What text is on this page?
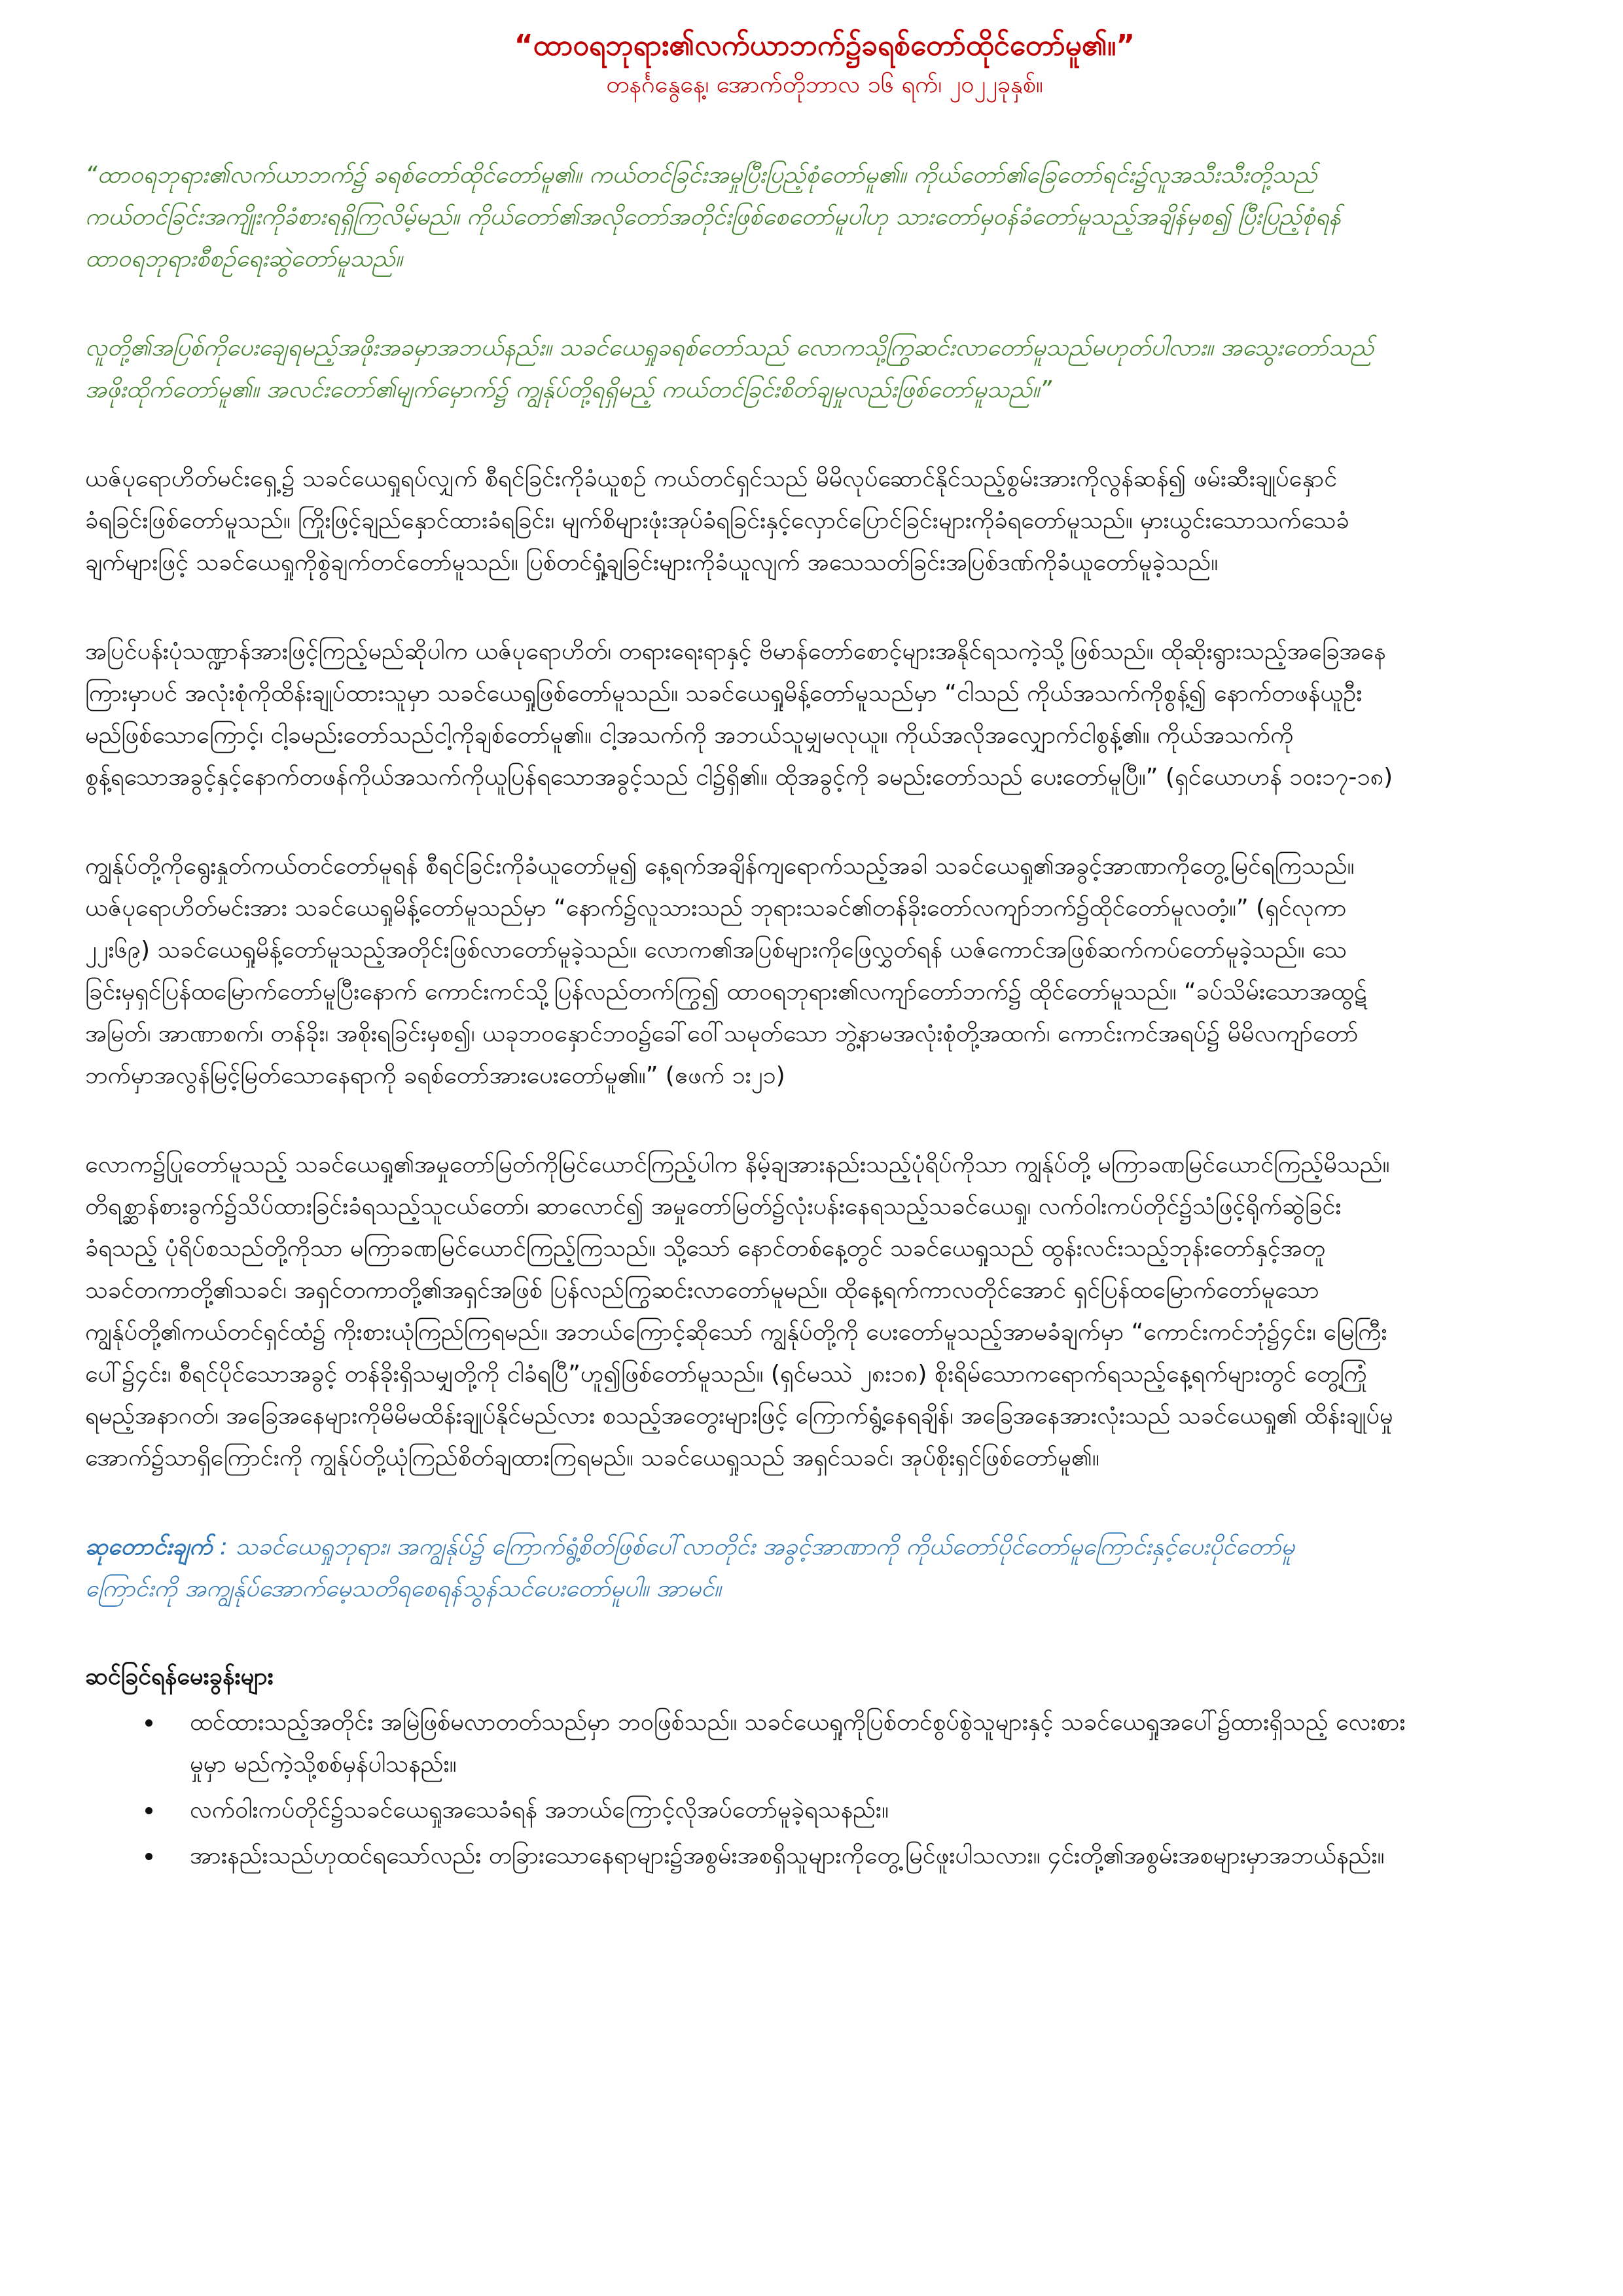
“ထာဝရဘုရား၏လက်ယာဘက်၌ခရစ်တော်ထိုင်တော်မူ၏။”

တနင်္ဂနွေနေ့၊ အောက်တိုဘာလ ၁၆ ရက်၊ ၂၀၂၂ခုနှစ်။

“ထာဝရဘုရား၏လက်ယာဘက်၌ ခရစ်တော်ထိုင်တော်မူ၏။ ကယ်တင်ခြင်းအမှုပြီးပြည့်စုံတော်မူ၏။ ကိုယ်တော်၏ခြေတော်ရင်း၌လူအသီးသီးတို့သည်
ကယ်တင်ခြင်းအကျိုးကိုခံစားရရှိကြလိမ့်မည်။ ကိုယ်တော်၏အလိုတော်အတိုင်းဖြစ်စေတော်မူပါဟု သားတော်မှဝန်ခံတော်မူသည့်အချိန်မှစ၍ ပြီးပြည့်စုံရန်
ထာဝရဘုရားစီစဉ်ရေးဆွဲတော်မူသည်။

လူတို့၏အပြစ်ကိုပေးချေရမည့်အဖိုးအခမှာအဘယ်နည်း။ သခင်ယေရှုခရစ်တော်သည် လောကသို့ကြွဆင်းလာတော်မူသည်မဟုတ်ပါလား။ အသွေးတော်သည်
အဖိုးထိုက်တော်မူ၏။ အလင်းတော်၏မျက်မှောက်၌ ကျွန်ုပ်တို့ရရှိမည့် ကယ်တင်ခြင်းစိတ်ချမှုလည်းဖြစ်တော်မူသည်။”

ယဇ်ပုရောဟိတ်မင်းရှေ့၌ သခင်ယေရှုရပ်လျှက် စီရင်ခြင်းကိုခံယူစဉ် ကယ်တင်ရှင်သည် မိမိလုပ်ဆောင်နိုင်သည့်စွမ်းအားကိုလွန်ဆန်၍ ဖမ်းဆီးချုပ်နှောင်
ခံရခြင်းဖြစ်တော်မူသည်။ ကြိုးဖြင့်ချည်နှောင်ထားခံရခြင်း၊ မျက်စိများဖုံးအုပ်ခံရခြင်းနှင့်လှောင်ပြောင်ခြင်းများကိုခံရတော်မူသည်။ မှားယွင်းသောသက်သေခံ
ချက်များဖြင့် သခင်ယေရှုကိုစွဲချက်တင်တော်မူသည်။ ပြစ်တင်ရှုံ့ချခြင်းများကိုခံယူလျက် အသေသတ်ခြင်းအပြစ်ဒဏ်ကိုခံယူတော်မူခဲ့သည်။

အပြင်ပန်းပုံသဏ္ဍာန်အားဖြင့်ကြည့်မည်ဆိုပါက ယဇ်ပုရောဟိတ်၊ တရားရေးရာနှင့် ဗိမာန်တော်စောင့်များအနိုင်ရသကဲ့သို့ဖြစ်သည်။ ထိုဆိုးရွားသည့်အခြေအနေ
ကြားမှာပင် အလုံးစုံကိုထိန်းချုပ်ထားသူမှာ သခင်ယေရှုဖြစ်တော်မူသည်။ သခင်ယေရှုမိန့်တော်မူသည်မှာ “ငါသည် ကိုယ်အသက်ကိုစွန့်၍ နောက်တဖန်ယူဦး
မည်ဖြစ်သောကြောင့်၊ ငါ့ခမည်းတော်သည်ငါ့ကိုချစ်တော်မူ၏။ ငါ့အသက်ကို အဘယ်သူမျှမလုယူ။ ကိုယ်အလိုအလျှောက်ငါစွန့်၏။ ကိုယ်အသက်ကို
စွန့်ရသောအခွင့်နှင့်နောက်တဖန်ကိုယ်အသက်ကိုယူပြန်ရသောအခွင့်သည် ငါ၌ရှိ၏။ ထိုအခွင့်ကို ခမည်းတော်သည် ပေးတော်မူပြီ။” (ရှင်ယောဟန် ၁၀း၁၇-၁၈)

ကျွန်ုပ်တို့ကိုရွေးနှုတ်ကယ်တင်တော်မူရန် စီရင်ခြင်းကိုခံယူတော်မူ၍ နေ့ရက်အချိန်ကျရောက်သည့်အခါ သခင်ယေရှု၏အခွင့်အာဏာကိုတွေ့မြင်ရကြသည်။
ယဇ်ပုရောဟိတ်မင်းအား သခင်ယေရှုမိန့်တော်မူသည်မှာ “နောက်၌လူသားသည် ဘုရားသခင်၏တန်ခိုးတော်လကျာ်ဘက်၌ထိုင်တော်မူလတံ့။” (ရှင်လုကာ
၂၂း၆၉) သခင်ယေရှုမိန့်တော်မူသည့်အတိုင်းဖြစ်လာတော်မူခဲ့သည်။ လောက၏အပြစ်များကိုဖြေလွှတ်ရန် ယဇ်ကောင်အဖြစ်ဆက်ကပ်တော်မူခဲ့သည်။ သေ
ခြင်းမှရှင်ပြန်ထမြောက်တော်မူပြီးနောက် ကောင်းကင်သို့ပြန်လည်တက်ကြွ၍ ထာဝရဘုရား၏လကျာ်တော်ဘက်၌ ထိုင်တော်မူသည်။ “ခပ်သိမ်းသောအထွဋ်
အမြတ်၊ အာဏာစက်၊ တန်ခိုး၊ အစိုးရခြင်းမှစ၍၊ ယခုဘဝနှောင်ဘဝ၌ခေါ်ဝေါ်သမုတ်သော ဘွဲ့နာမအလုံးစုံတို့အထက်၊ ကောင်းကင်အရပ်၌ မိမိလကျာ်တော်
ဘက်မှာအလွန်မြင့်မြတ်သောနေရာကို ခရစ်တော်အားပေးတော်မူ၏။” (ဧဖက် ၁း၂၁)

လောက၌ပြုတော်မူသည့် သခင်ယေရှု၏အမှုတော်မြတ်ကိုမြင်ယောင်ကြည့်ပါက နိမ့်ချအားနည်းသည့်ပုံရိပ်ကိုသာ ကျွန်ုပ်တို့ မကြာခဏမြင်ယောင်ကြည့်မိသည်။
တိရစ္ဆာန်စားခွက်၌သိပ်ထားခြင်းခံရသည့်သူငယ်တော်၊ ဆာလောင်၍ အမှုတော်မြတ်၌လုံးပန်းနေရသည့်သခင်ယေရှု၊ လက်ဝါးကပ်တိုင်၌သံဖြင့်ရိုက်ဆွဲခြင်း
ခံရသည့် ပုံရိပ်စသည်တို့ကိုသာ မကြာခဏမြင်ယောင်ကြည့်ကြသည်။ သို့သော် နောင်တစ်နေ့တွင် သခင်ယေရှုသည် ထွန်းလင်းသည့်ဘုန်းတော်နှင့်အတူ
သခင်တကာတို့၏သခင်၊ အရှင်တကာတို့၏အရှင်အဖြစ် ပြန်လည်ကြွဆင်းလာတော်မူမည်။ ထိုနေ့ရက်ကာလတိုင်အောင် ရှင်ပြန်ထမြောက်တော်မူသော
ကျွန်ုပ်တို့၏ကယ်တင်ရှင်ထံ၌ ကိုးစားယုံကြည်ကြရမည်။ အဘယ်ကြောင့်ဆိုသော် ကျွန်ုပ်တို့ကို ပေးတော်မူသည့်အာမခံချက်မှာ “ကောင်းကင်ဘုံ၌၄င်း၊ မြေကြီး
ပေါ်၌၄င်း၊ စီရင်ပိုင်သောအခွင့် တန်ခိုးရှိသမျှတို့ကို ငါခံရပြီ”ဟူ၍ဖြစ်တော်မူသည်။ (ရှင်မဿဲ ၂၈း၁၈) စိုးရိမ်သောကရောက်ရသည့်နေ့ရက်များတွင် တွေ့ကြုံ
ရမည့်အနာဂတ်၊ အခြေအနေများကိုမိမိမထိန်းချုပ်နိုင်မည်လား စသည့်အတွေးများဖြင့် ကြောက်ရွံ့နေရချိန်၊ အခြေအနေအားလုံးသည် သခင်ယေရှု၏ ထိန်းချုပ်မှု
အောက်၌သာရှိကြောင်းကို ကျွန်ုပ်တို့ယုံကြည်စိတ်ချထားကြရမည်။ သခင်ယေရှုသည် အရှင်သခင်၊ အုပ်စိုးရှင်ဖြစ်တော်မူ၏။

ဆုတောင်းချက် : သခင်ယေရှုဘုရား၊ အကျွန်ုပ်၌ ကြောက်ရွံ့စိတ်ဖြစ်ပေါ်လာတိုင်း အခွင့်အာဏာကို ကိုယ်တော်ပိုင်တော်မူကြောင်းနှင့်ပေးပိုင်တော်မူ
ကြောင်းကို အကျွန်ုပ်အောက်မေ့သတိရစေရန်သွန်သင်ပေးတော်မူပါ။ အာမင်။

ဆင်ခြင်ရန်မေးခွန်းများ

• ထင်ထားသည့်အတိုင်း အမြဲဖြစ်မလာတတ်သည်မှာ ဘဝဖြစ်သည်။ သခင်ယေရှုကိုပြစ်တင်စွပ်စွဲသူများနှင့် သခင်ယေရှုအပေါ်၌ထားရှိသည့် လေးစား
မှုမှာ မည်ကဲ့သို့စစ်မှန်ပါသနည်း။
• လက်ဝါးကပ်တိုင်၌သခင်ယေရှုအသေခံရန် အဘယ်ကြောင့်လိုအပ်တော်မူခဲ့ရသနည်း။
• အားနည်းသည်ဟုထင်ရသော်လည်း တခြားသောနေရာများ၌အစွမ်းအစရှိသူများကိုတွေ့မြင်ဖူးပါသလား။ ၄င်းတို့၏အစွမ်းအစများမှာအဘယ်နည်း။
